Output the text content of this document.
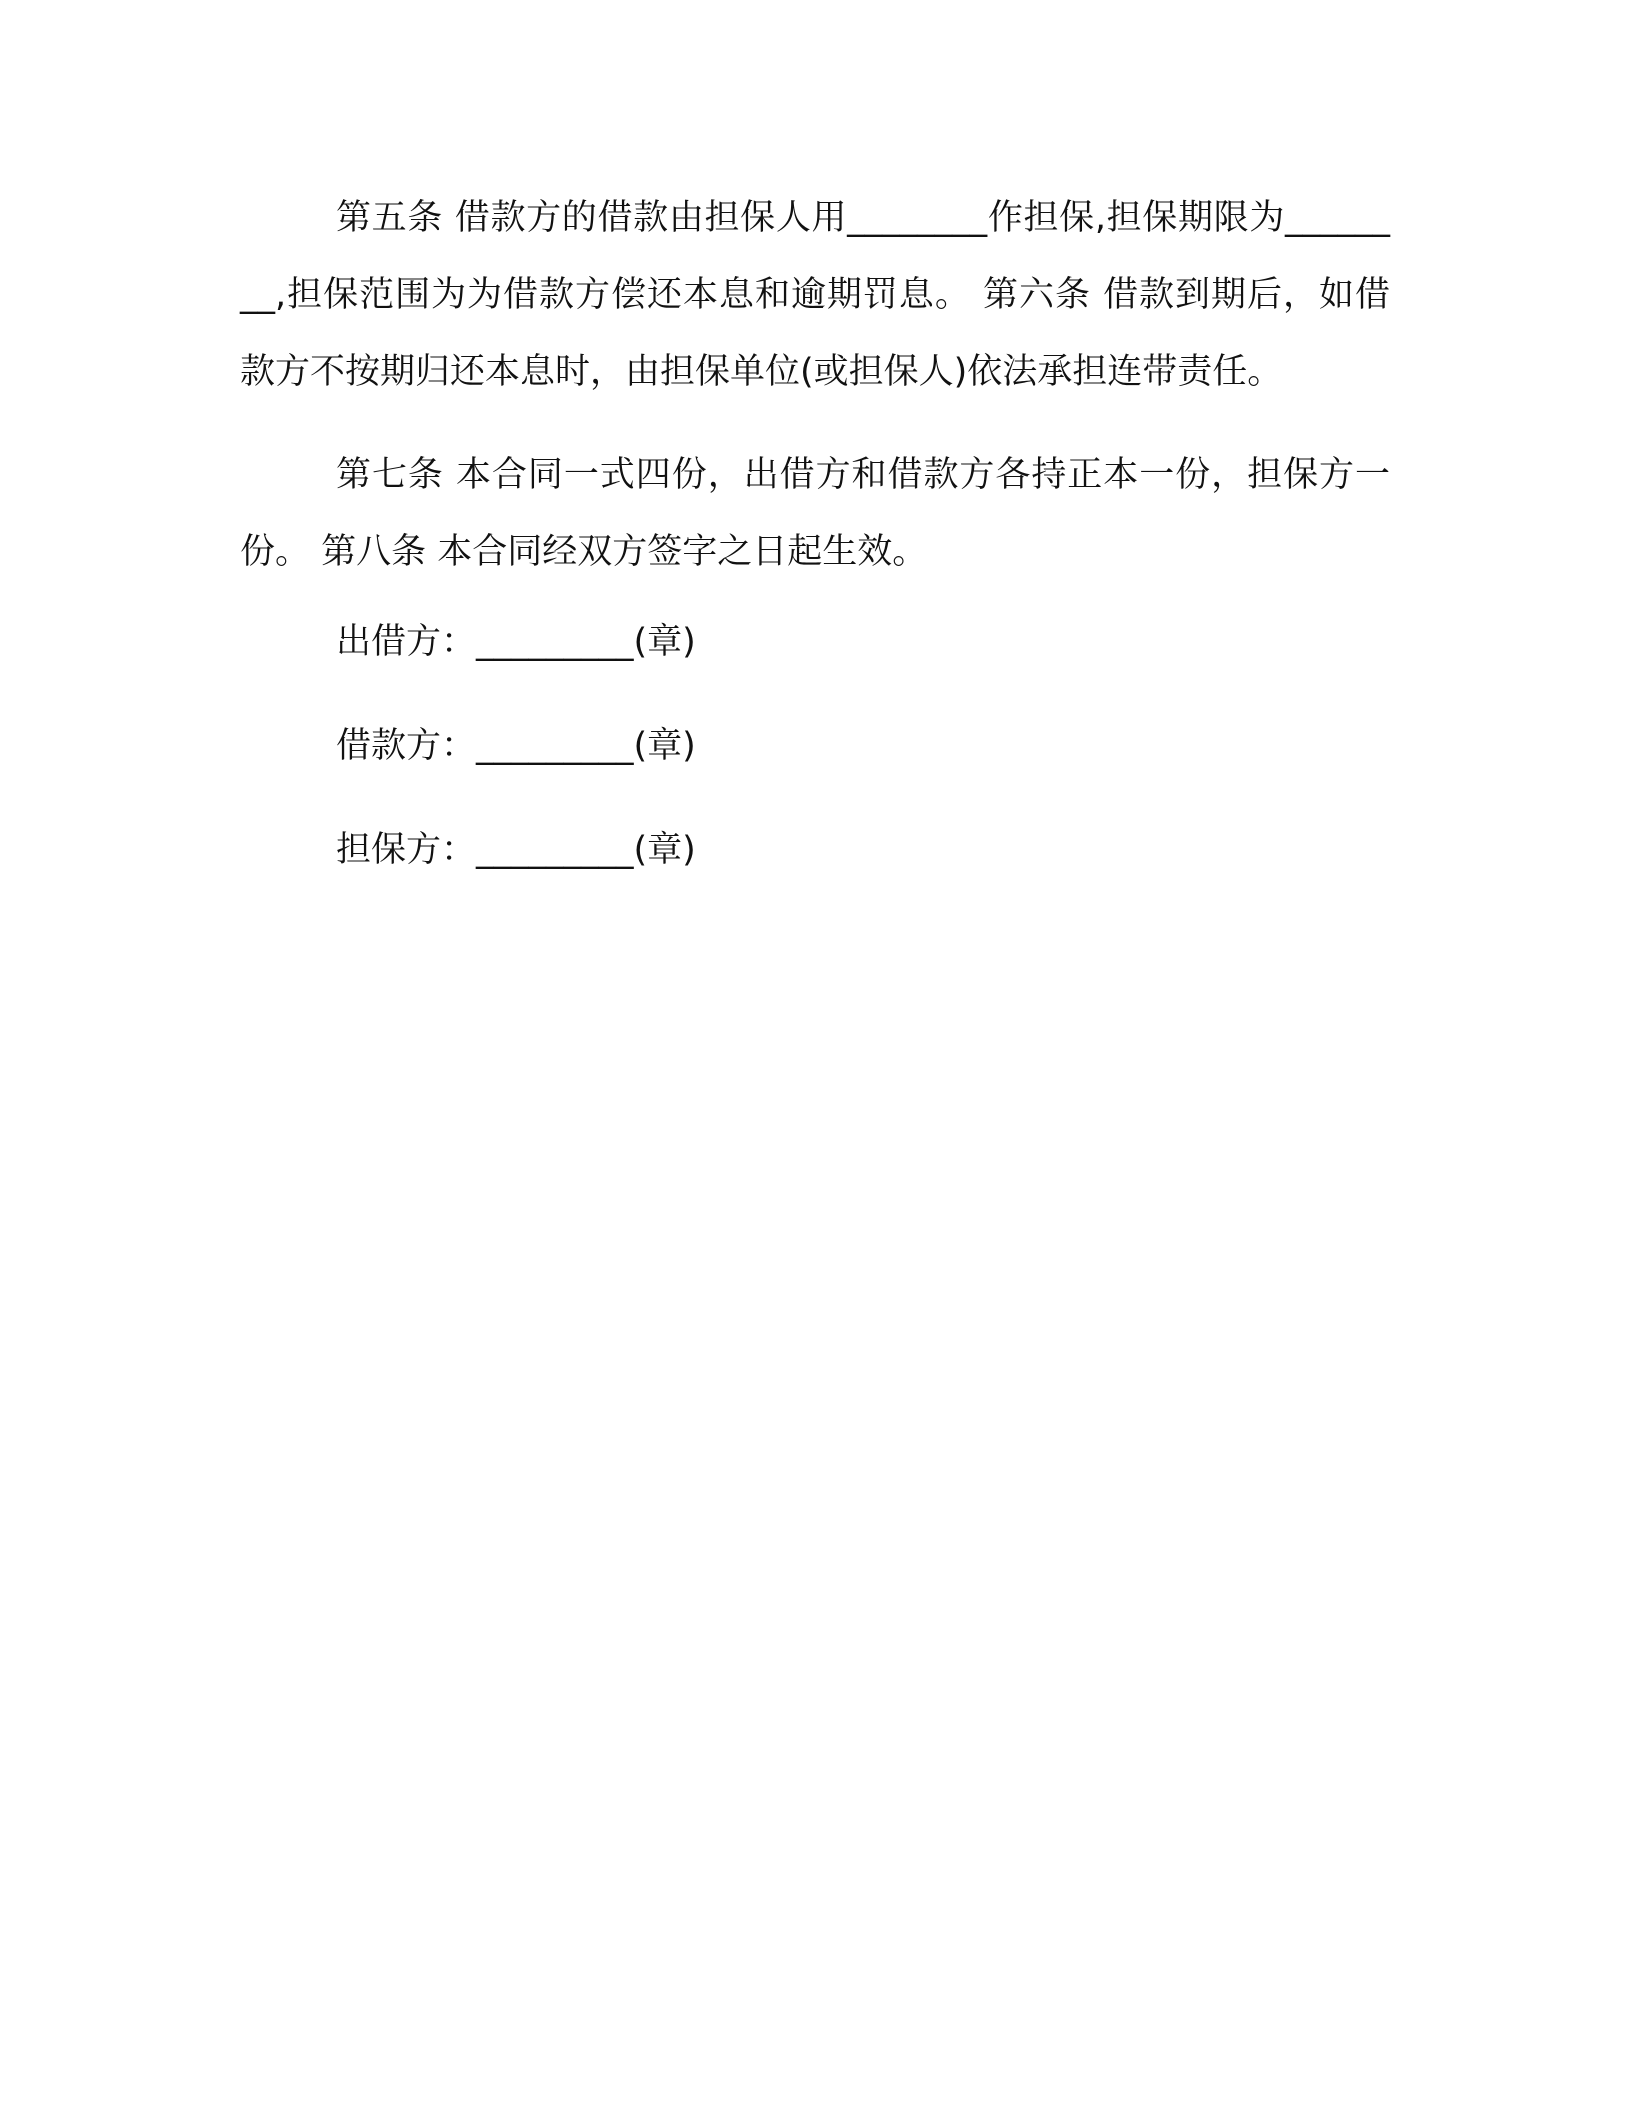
第五条 借款方的借款由担保人用________作担保,担保期限为________,担保范围为为借款方偿还本息和逾期罚息。 第六条 借款到期后，如借款方不按期归还本息时，由担保单位(或担保人)依法承担连带责任。

第七条 本合同一式四份，出借方和借款方各持正本一份，担保方一份。 第八条 本合同经双方签字之日起生效。

出借方：_________(章)
借款方：_________(章)
担保方：_________(章)
